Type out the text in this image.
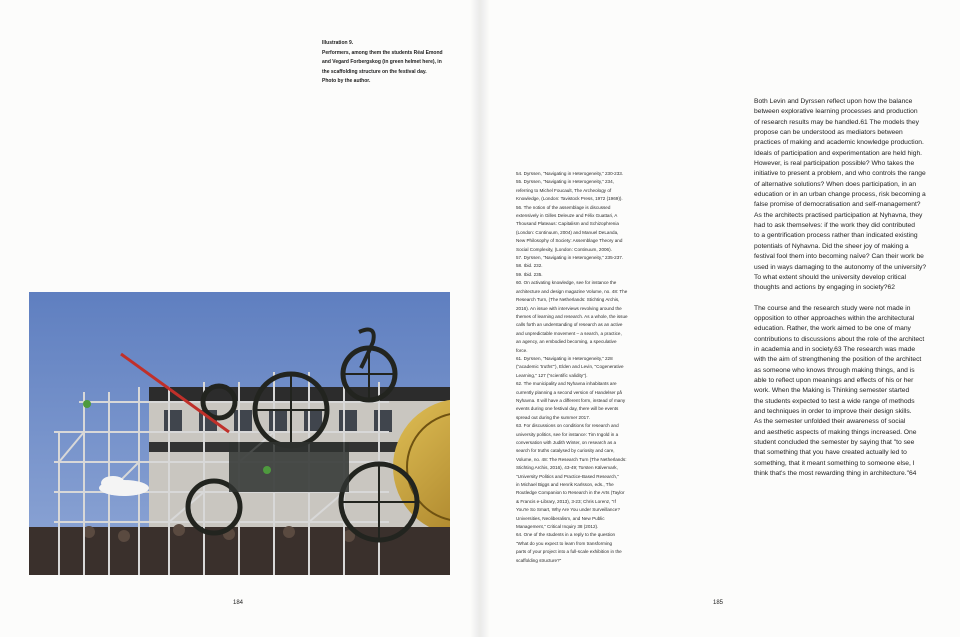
Illustration 9.
Performers, among them the students Réal Emond
and Vegard Forbergskog (in green helmet here), in
the scaffolding structure on the festival day.
Photo by the author.
54. Dyrssen, "Navigating in Heterogeneity," 230-233.
55. Dyrssen, "Navigating in Heterogeneity," 234,
referring to Michel Foucault, The Archeology of
Knowledge, (London: Tavistock Press, 1972 (1969)).
56. The notion of the assemblage is discussed
extensively in Gilles Deleuze and Félix Guattari, A
Thousand Plateaus: Capitalism and Schizophrenia
(London: Continuum, 2004) and Manuel DeLanda,
New Philosophy of Society: Assemblage Theory and
Social Complexity, (London: Continuum, 2006).
57. Dyrssen, "Navigating in Heterogeneity," 235-237.
58. Ibid. 232.
59. Ibid. 235.
60. On activating knowledge, see for instance the
architecture and design magazine Volume, no. 48: The
Research Turn, (The Netherlands: Stichting Archis,
2016). An issue with interviews revolving around the
themes of learning and research. As a whole, the issue
calls forth an understanding of research as an active
and unpredictable movement – a search, a practice,
an agency, an embodied becoming, a speculative
force.
61. Dyrssen, "Navigating in Heterogeneity," 228
("academic 'truths'"), Elden and Levin, "Cogenerative
Learning," 127 ("scientific validity").
62. The municipality and Nyhavna inhabitants are
currently planning a second version of Handelser på
Nyhavna. It will have a different form, instead of many
events during one festival day, there will be events
spread out during the summer 2017.
63. For discussions on conditions for research and
university politics, see for instance: Tim Ingold in a
conversation with Judith Winter, on research as a
search for truths catalysed by curiosity and care,
Volume, no. 48: The Research Turn (The Netherlands:
Stichting Archis, 2016), 43-49; Torsten Kälvemark,
"University Politics and Practice-Based Research,"
in Michael Biggs and Henrik Karlsson, eds., The
Routledge Companion to Research in the Arts (Taylor
& Francis e-Library, 2013), 3-23; Chris Lorenz, "If
You're So Smart, Why Are You under Surveillance?
Universities, Neoliberalism, and New Public
Management," Critical Inquiry 38 (2012).
64. One of the students in a reply to the question
"What do you expect to learn from transforming
parts of your project into a full-scale exhibition in the
scaffolding structure?"
Both Levin and Dyrssen reflect upon how the balance
between explorative learning processes and production
of research results may be handled.61 The models they
propose can be understood as mediators between
practices of making and academic knowledge production.
Ideals of participation and experimentation are held high.
However, is real participation possible? Who takes the
initiative to present a problem, and who controls the range
of alternative solutions? When does participation, in an
education or in an urban change process, risk becoming a
false promise of democratisation and self-management?
As the architects practised participation at Nyhavna, they
had to ask themselves: if the work they did contributed
to a gentrification process rather than indicated existing
potentials of Nyhavna. Did the sheer joy of making a
festival fool them into becoming naïve? Can their work be
used in ways damaging to the autonomy of the university?
To what extent should the university develop critical
thoughts and actions by engaging in society?62
The course and the research study were not made in
opposition to other approaches within the architectural
education. Rather, the work aimed to be one of many
contributions to discussions about the role of the architect
in academia and in society.63 The research was made
with the aim of strengthening the position of the architect
as someone who knows through making things, and is
able to reflect upon meanings and effects of his or her
work. When the Making is Thinking semester started
the students expected to test a wide range of methods
and techniques in order to improve their design skills.
As the semester unfolded their awareness of social
and aesthetic aspects of making things increased. One
student concluded the semester by saying that "to see
that something that you have created actually led to
something, that it meant something to someone else, I
think that's the most rewarding thing in architecture."64
184	185
